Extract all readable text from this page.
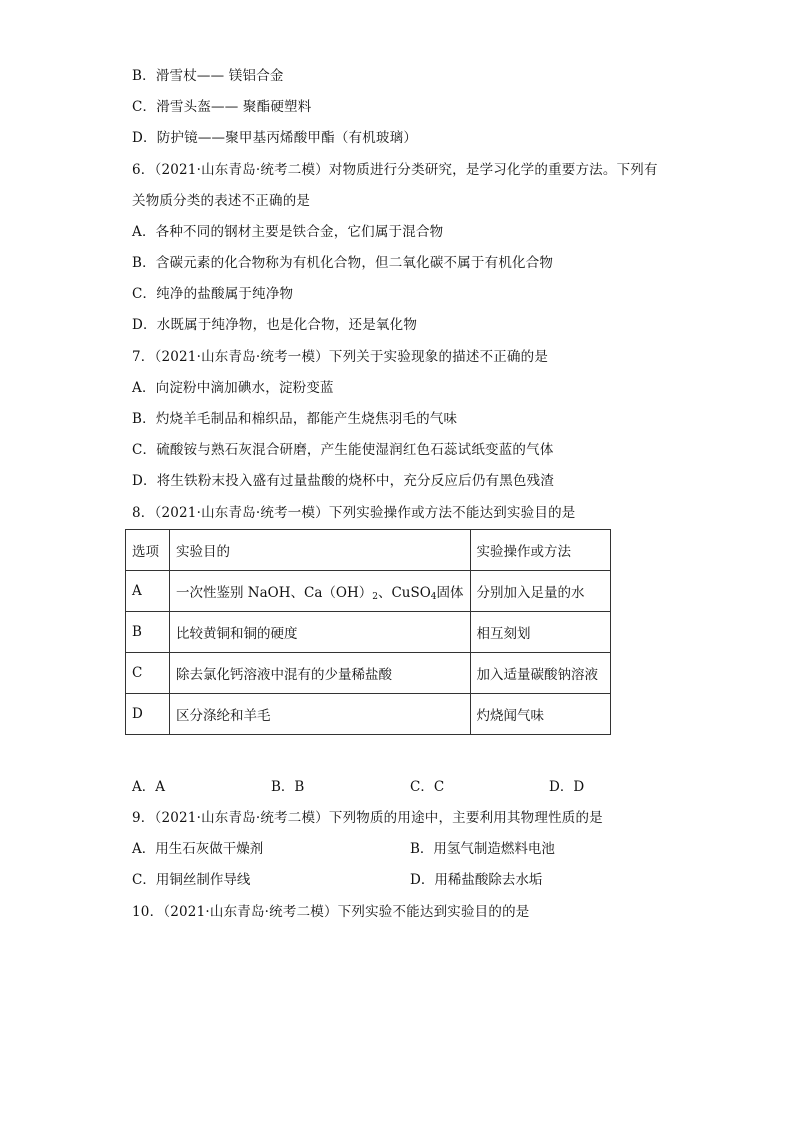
B．滑雪杖—— 镁铝合金
C．滑雪头盔—— 聚酯硬塑料
D．防护镜——聚甲基丙烯酸甲酯（有机玻璃）
6．（2021·山东青岛·统考二模）对物质进行分类研究，是学习化学的重要方法。下列有
关物质分类的表述不正确的是
A．各种不同的钢材主要是铁合金，它们属于混合物
B．含碳元素的化合物称为有机化合物，但二氧化碳不属于有机化合物
C．纯净的盐酸属于纯净物
D．水既属于纯净物，也是化合物，还是氧化物
7．（2021·山东青岛·统考一模）下列关于实验现象的描述不正确的是
A．向淀粉中滴加碘水，淀粉变蓝
B．灼烧羊毛制品和棉织品，都能产生烧焦羽毛的气味
C．硫酸铵与熟石灰混合研磨，产生能使湿润红色石蕊试纸变蓝的气体
D．将生铁粉末投入盛有过量盐酸的烧杯中，充分反应后仍有黑色残渣
8．（2021·山东青岛·统考一模）下列实验操作或方法不能达到实验目的是
选项	实验目的	实验操作或方法
A	一次性鉴别 NaOH、$Ca(OH)_2$、CuSO$_4$固体	分别加入足量的水
B	比较黄铜和铜的硬度	相互刻划
C	除去氯化钙溶液中混有的少量稀盐酸	加入适量碳酸钠溶液
D	区分涤纶和羊毛	灼烧闻气味
A．A	B．B	C．C	D．D
9．（2021·山东青岛·统考二模）下列物质的用途中，主要利用其物理性质的是
A．用生石灰做干燥剂	B．用氢气制造燃料电池
C．用铜丝制作导线	D．用稀盐酸除去水垢
10．（2021·山东青岛·统考二模）下列实验不能达到实验目的的是
